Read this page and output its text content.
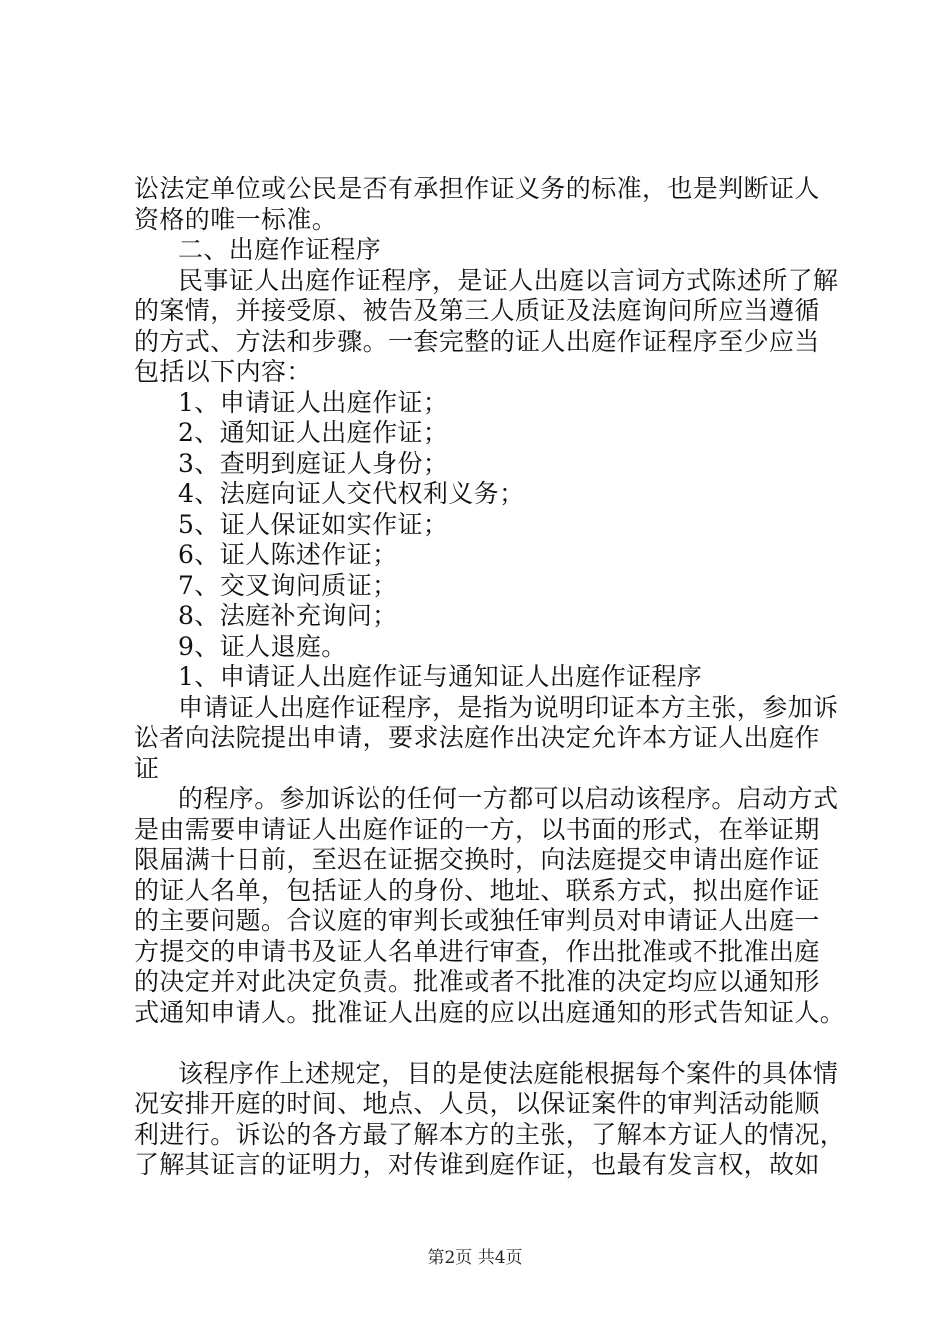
讼法定单位或公民是否有承担作证义务的标准，也是判断证人
资格的唯一标准。
二、出庭作证程序
民事证人出庭作证程序，是证人出庭以言词方式陈述所了解
的案情，并接受原、被告及第三人质证及法庭询问所应当遵循
的方式、方法和步骤。一套完整的证人出庭作证程序至少应当
包括以下内容：
1、申请证人出庭作证；
2、通知证人出庭作证；
3、查明到庭证人身份；
4、法庭向证人交代权利义务；
5、证人保证如实作证；
6、证人陈述作证；
7、交叉询问质证；
8、法庭补充询问；
9、证人退庭。
1、申请证人出庭作证与通知证人出庭作证程序
申请证人出庭作证程序，是指为说明印证本方主张，参加诉
讼者向法院提出申请，要求法庭作出决定允许本方证人出庭作
证
的程序。参加诉讼的任何一方都可以启动该程序。启动方式
是由需要申请证人出庭作证的一方，以书面的形式，在举证期
限届满十日前，至迟在证据交换时，向法庭提交申请出庭作证
的证人名单，包括证人的身份、地址、联系方式，拟出庭作证
的主要问题。合议庭的审判长或独任审判员对申请证人出庭一
方提交的申请书及证人名单进行审查，作出批准或不批准出庭
的决定并对此决定负责。批准或者不批准的决定均应以通知形
式通知申请人。批准证人出庭的应以出庭通知的形式告知证人。
该程序作上述规定，目的是使法庭能根据每个案件的具体情
况安排开庭的时间、地点、人员，以保证案件的审判活动能顺
利进行。诉讼的各方最了解本方的主张，了解本方证人的情况，
了解其证言的证明力，对传谁到庭作证，也最有发言权，故如
第2页 共4页
